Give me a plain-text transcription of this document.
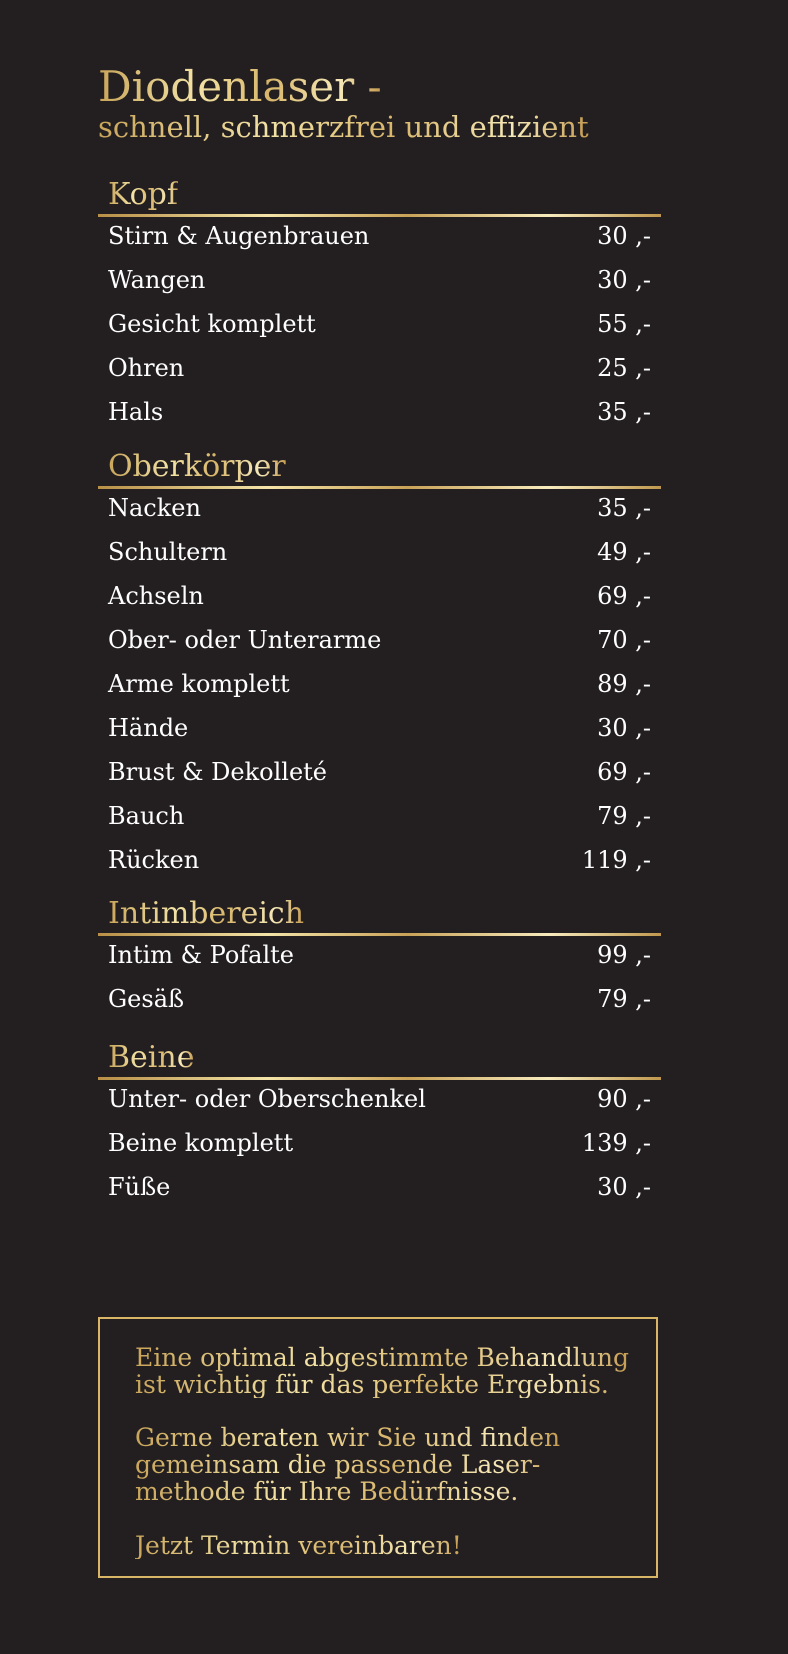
Diodenlaser -
schnell, schmerzfrei und effizient
Kopf
Stirn & Augenbrauen	30 ,-
Wangen	30 ,-
Gesicht komplett	55 ,-
Ohren	25 ,-
Hals	35 ,-
Oberkörper
Nacken	35 ,-
Schultern	49 ,-
Achseln	69 ,-
Ober- oder Unterarme	70 ,-
Arme komplett	89 ,-
Hände	30 ,-
Brust & Dekolleté	69 ,-
Bauch	79 ,-
Rücken	119 ,-
Intimbereich
Intim & Pofalte	99 ,-
Gesäß	79 ,-
Beine
Unter- oder Oberschenkel	90 ,-
Beine komplett	139 ,-
Füße	30 ,-
Eine optimal abgestimmte Behandlung
ist wichtig für das perfekte Ergebnis.
Gerne beraten wir Sie und finden
gemeinsam die passende Laser-
methode für Ihre Bedürfnisse.
Jetzt Termin vereinbaren!
